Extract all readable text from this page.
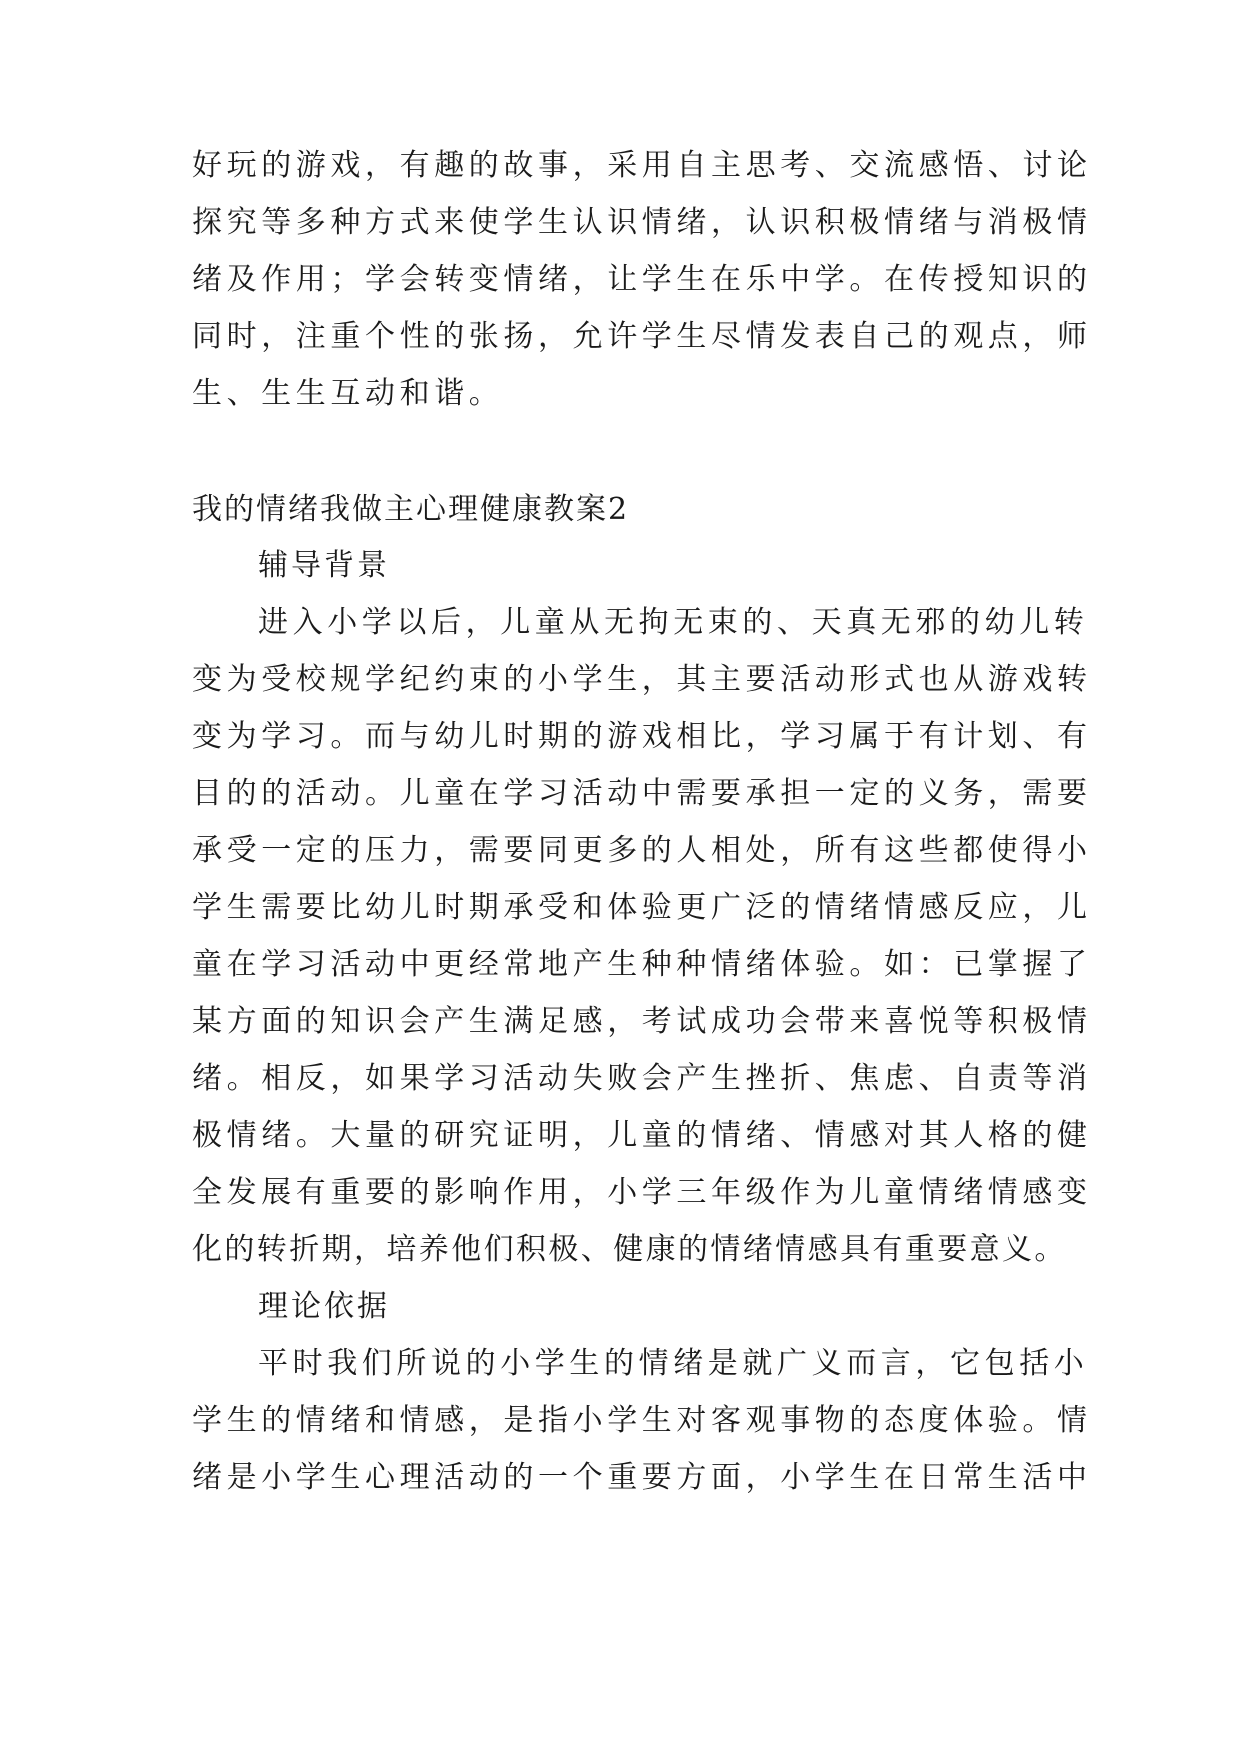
好玩的游戏，有趣的故事，采用自主思考、交流感悟、讨论
探究等多种方式来使学生认识情绪，认识积极情绪与消极情
绪及作用；学会转变情绪，让学生在乐中学。在传授知识的
同时，注重个性的张扬，允许学生尽情发表自己的观点，师
生、生生互动和谐。
我的情绪我做主心理健康教案2
辅导背景
进入小学以后，儿童从无拘无束的、天真无邪的幼儿转
变为受校规学纪约束的小学生，其主要活动形式也从游戏转
变为学习。而与幼儿时期的游戏相比，学习属于有计划、有
目的的活动。儿童在学习活动中需要承担一定的义务，需要
承受一定的压力，需要同更多的人相处，所有这些都使得小
学生需要比幼儿时期承受和体验更广泛的情绪情感反应，儿
童在学习活动中更经常地产生种种情绪体验。如：已掌握了
某方面的知识会产生满足感，考试成功会带来喜悦等积极情
绪。相反，如果学习活动失败会产生挫折、焦虑、自责等消
极情绪。大量的研究证明，儿童的情绪、情感对其人格的健
全发展有重要的影响作用，小学三年级作为儿童情绪情感变
化的转折期，培养他们积极、健康的情绪情感具有重要意义。
理论依据
平时我们所说的小学生的情绪是就广义而言，它包括小
学生的情绪和情感，是指小学生对客观事物的态度体验。情
绪是小学生心理活动的一个重要方面，小学生在日常生活中
